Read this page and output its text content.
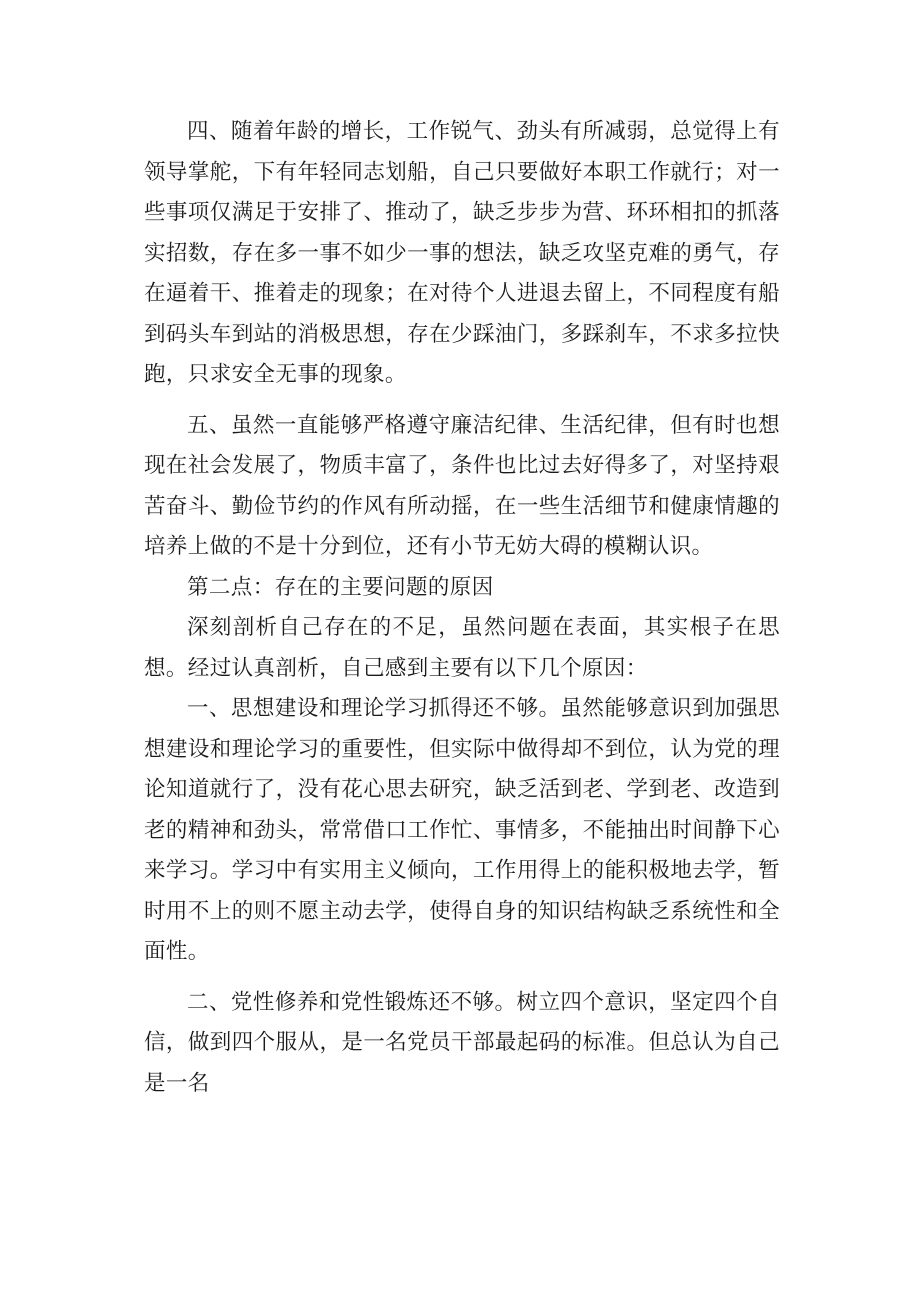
四、随着年龄的增长，工作锐气、劲头有所减弱，总觉得上有领导掌舵，下有年轻同志划船，自己只要做好本职工作就行；对一些事项仅满足于安排了、推动了，缺乏步步为营、环环相扣的抓落实招数，存在多一事不如少一事的想法，缺乏攻坚克难的勇气，存在逼着干、推着走的现象；在对待个人进退去留上，不同程度有船到码头车到站的消极思想，存在少踩油门，多踩刹车，不求多拉快跑，只求安全无事的现象。

五、虽然一直能够严格遵守廉洁纪律、生活纪律，但有时也想现在社会发展了，物质丰富了，条件也比过去好得多了，对坚持艰苦奋斗、勤俭节约的作风有所动摇，在一些生活细节和健康情趣的培养上做的不是十分到位，还有小节无妨大碍的模糊认识。

第二点：存在的主要问题的原因

深刻剖析自己存在的不足，虽然问题在表面，其实根子在思想。经过认真剖析，自己感到主要有以下几个原因：

一、思想建设和理论学习抓得还不够。虽然能够意识到加强思想建设和理论学习的重要性，但实际中做得却不到位，认为党的理论知道就行了，没有花心思去研究，缺乏活到老、学到老、改造到老的精神和劲头，常常借口工作忙、事情多，不能抽出时间静下心来学习。学习中有实用主义倾向，工作用得上的能积极地去学，暂时用不上的则不愿主动去学，使得自身的知识结构缺乏系统性和全面性。

二、党性修养和党性锻炼还不够。树立四个意识，坚定四个自信，做到四个服从，是一名党员干部最起码的标准。但总认为自己是一名
